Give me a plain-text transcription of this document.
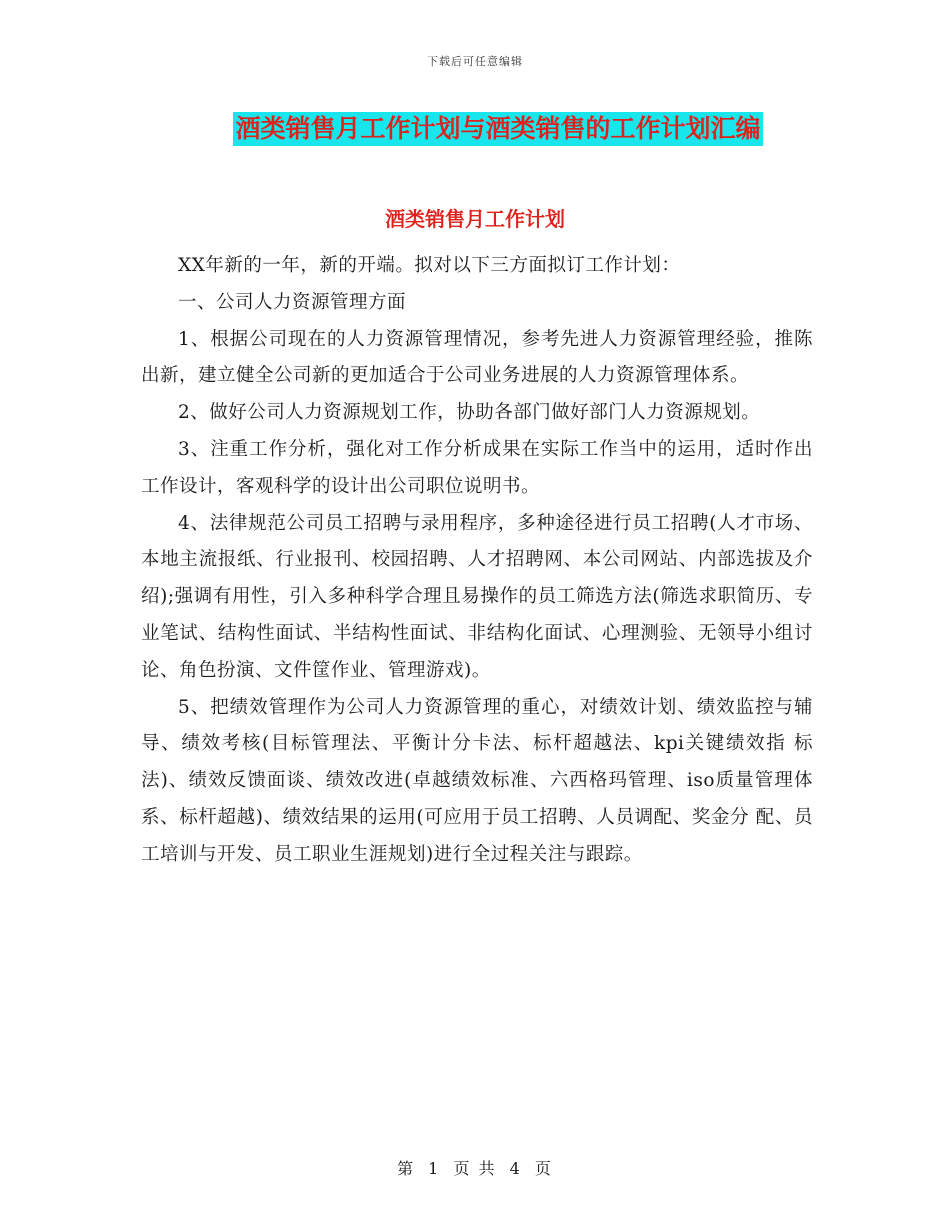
下载后可任意编辑
酒类销售月工作计划与酒类销售的工作计划汇编
酒类销售月工作计划

XX年新的一年，新的开端。拟对以下三方面拟订工作计划：

一、公司人力资源管理方面

1、根据公司现在的人力资源管理情况，参考先进人力资源管理经验，推陈出新，建立健全公司新的更加适合于公司业务进展的人力资源管理体系。

2、做好公司人力资源规划工作，协助各部门做好部门人力资源规划。

3、注重工作分析，强化对工作分析成果在实际工作当中的运用，适时作出工作设计，客观科学的设计出公司职位说明书。

4、法律规范公司员工招聘与录用程序，多种途径进行员工招聘(人才市场、本地主流报纸、行业报刊、校园招聘、人才招聘网、本公司网站、内部选拔及介 绍);强调有用性，引入多种科学合理且易操作的员工筛选方法(筛选求职简历、专业笔试、结构性面试、半结构性面试、非结构化面试、心理测验、无领导小组讨 论、角色扮演、文件筐作业、管理游戏)。

5、把绩效管理作为公司人力资源管理的重心，对绩效计划、绩效监控与辅导、绩效考核(目标管理法、平衡计分卡法、标杆超越法、kpi关键绩效指 标法)、绩效反馈面谈、绩效改进(卓越绩效标准、六西格玛管理、iso质量管理体系、标杆超越)、绩效结果的运用(可应用于员工招聘、人员调配、奖金分 配、员工培训与开发、员工职业生涯规划)进行全过程关注与跟踪。

第 1 页 共 4 页
